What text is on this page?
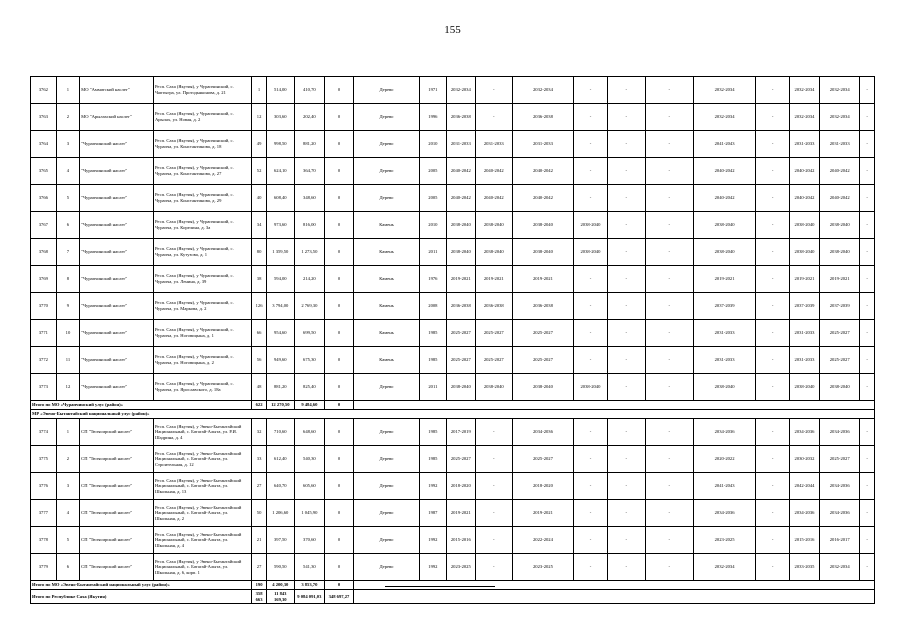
155
3762	1	МО "Амматский наслег"	Респ. Саха (Якутия), у Чурапчинский, с. Чаптыгра, ул. Протодьяконова, д. 21	1	514,00	410,70	0	Дерево	1971	2032-2034	-	2032-2034	-	-	-	2032-2034	-	2032-2034	2032-2034	-
3763	2	МО "Арылахский наслег"	Респ. Саха (Якутия), у Чурапчинский, с. Арылах, ул. Новая, д. 2	12	303,60	202,40	0	Дерево	1996	2036-2038	-	2036-2038	-	-	-	2032-2034	-	2032-2034	2032-2034	-
3764	3	"Чурапчинский наслег"	Респ. Саха (Якутия), у Чурапчинский, с. Чурапча, ул. Константинова, д. 18	49	998,50	881,20	0	Дерево	2010	2031-2033	2031-2033	2031-2033	-	-	-	2041-2043	-	2031-2033	2031-2033	-
3765	4	"Чурапчинский наслег"	Респ. Саха (Якутия), у Чурапчинский, с. Чурапча, ул. Константинова, д. 27	52	624,10	364,70	0	Дерево	2005	2040-2042	2040-2042	2040-2042	-	-	-	2040-2042	-	2040-2042	2040-2042	-
3766	5	"Чурапчинский наслег"	Респ. Саха (Якутия), у Чурапчинский, с. Чурапча, ул. Константинова, д. 29	40	608,40	348,60	0	Дерево	2005	2040-2042	2040-2042	2040-2042	-	-	-	2040-2042	-	2040-2042	2040-2042	-
3767	6	"Чурапчинский наслег"	Респ. Саха (Якутия), у Чурапчинский, с. Чурапча, ул. Корелина, д. 3а	34	973,60	816,00	0	Камень	2010	2038-2040	2038-2040	2038-2040	2038-2040	-	-	2038-2040	-	2038-2040	2038-2040	-
3768	7	"Чурапчинский наслег"	Респ. Саха (Якутия), у Чурапчинский, с. Чурапча, ул. Кутузова, д. 1	80	1 359,50	1 273,50	0	Камень	2011	2038-2040	2038-2040	2038-2040	2038-2040	-	-	2038-2040	-	2038-2040	2038-2040	-
3769	8	"Чурапчинский наслег"	Респ. Саха (Якутия), у Чурапчинский, с. Чурапча, ул. Ленина, д. 39	38	594,00	214,20	0	Камень	1976	2019-2021	2019-2021	2019-2021	-	-	-	2019-2021	-	2019-2021	2019-2021	-
3770	9	"Чурапчинский наслег"	Респ. Саха (Якутия), у Чурапчинский, с. Чурапча, ул. Маркова, д. 2	126	3 794,00	2 769,30	0	Камень	2008	2036-2038	2036-2038	2036-2038	-	-	-	2037-2039	-	2037-2039	2037-2039	-
3771	10	"Чурапчинский наслег"	Респ. Саха (Якутия), у Чурапчинский, с. Чурапча, ул. Ноговицына, д. 1	66	954,60	699,50	0	Камень	1985	2025-2027	2025-2027	2025-2027	-	-	-	2031-2033	-	2031-2033	2025-2027	-
3772	11	"Чурапчинский наслег"	Респ. Саха (Якутия), у Чурапчинский, с. Чурапча, ул. Ноговицына, д. 2	56	949,60	675,30	0	Камень	1985	2025-2027	2025-2027	2025-2027	-	-	-	2031-2033	-	2031-2033	2025-2027	-
3773	12	"Чурапчинский наслег"	Респ. Саха (Якутия), у Чурапчинский, с. Чурапча, ул. Ярославского, д. 18а	48	881,20	825,40	0	Дерево	2011	2038-2040	2038-2040	2038-2040	2038-2040	-	-	2038-2040	-	2038-2040	2038-2040	-
Итого по МО «Чурапчинский улус (район)»				622	12 270,50	9 484,60	0													
МР «Эвено-Бытантайский национальный улус (район)»																				
3774	1	СП "Тюгясирский наслег"	Респ. Саха (Якутия), у Эвено-Бытантайский Национальный, с. Батагай-Алыта, ул. Р.И. Шадрина, д. 4	32	710,60	648,60	0	Дерево	1985	2017-2019	-	2034-2036	-	-	-	2034-2036	-	2034-2036	2034-2036	-
3775	2	СП "Тюгясирский наслег"	Респ. Саха (Якутия), у Эвено-Бытантайский Национальный, с. Батагай-Алыта, ул. Строительная, д. 12	33	612,40	540,30	0	Дерево	1985	2025-2027	-	2025-2027	-	-	-	2020-2022	-	2030-2032	2025-2027	-
3776	3	СП "Тюгясирский наслег"	Респ. Саха (Якутия), у Эвено-Бытантайский Национальный, с. Батагай-Алыта, ул. Школьная, д. 13	27	640,70	605,60	0	Дерево	1992	2018-2020	-	2018-2020	-	-	-	2041-2043	-	2042-2044	2034-2036	-
3777	4	СП "Тюгясирский наслег"	Респ. Саха (Якутия), у Эвено-Бытантайский Национальный, с. Батагай-Алыта, ул. Школьная, д. 2	50	1 206,60	1 045,90	0	Дерево	1987	2019-2021	-	2019-2021	-	-	-	2034-2036	-	2034-2036	2034-2036	-
3778	5	СП "Тюгясирский наслег"	Респ. Саха (Якутия), у Эвено-Бытантайский Национальный, с. Батагай-Алыта, ул. Школьная, д. 4	21	397,50	370,60	0	Дерево	1992	2015-2016	-	2022-2024	-	-	-	2023-2025	-	2015-2016	2016-2017	-
3779	6	СП "Тюгясирский наслег"	Респ. Саха (Якутия), у Эвено-Бытантайский Национальный, с. Батагай-Алыта, ул. Школьная, д. 6, корп. 1	27	590,50	541,30	0	Дерево	1992	2023-2025	-	2023-2025	-	-	-	2032-2034	-	2033-2035	2032-2034	-
Итого по МО «Эвено-Бытантайский национальный улус (район)»				190	4 200,30	3 853,70	0													
Итого по Республике Саха (Якутия)				358 663	11 843 169,30	9 084 091,03	348 697,27													
